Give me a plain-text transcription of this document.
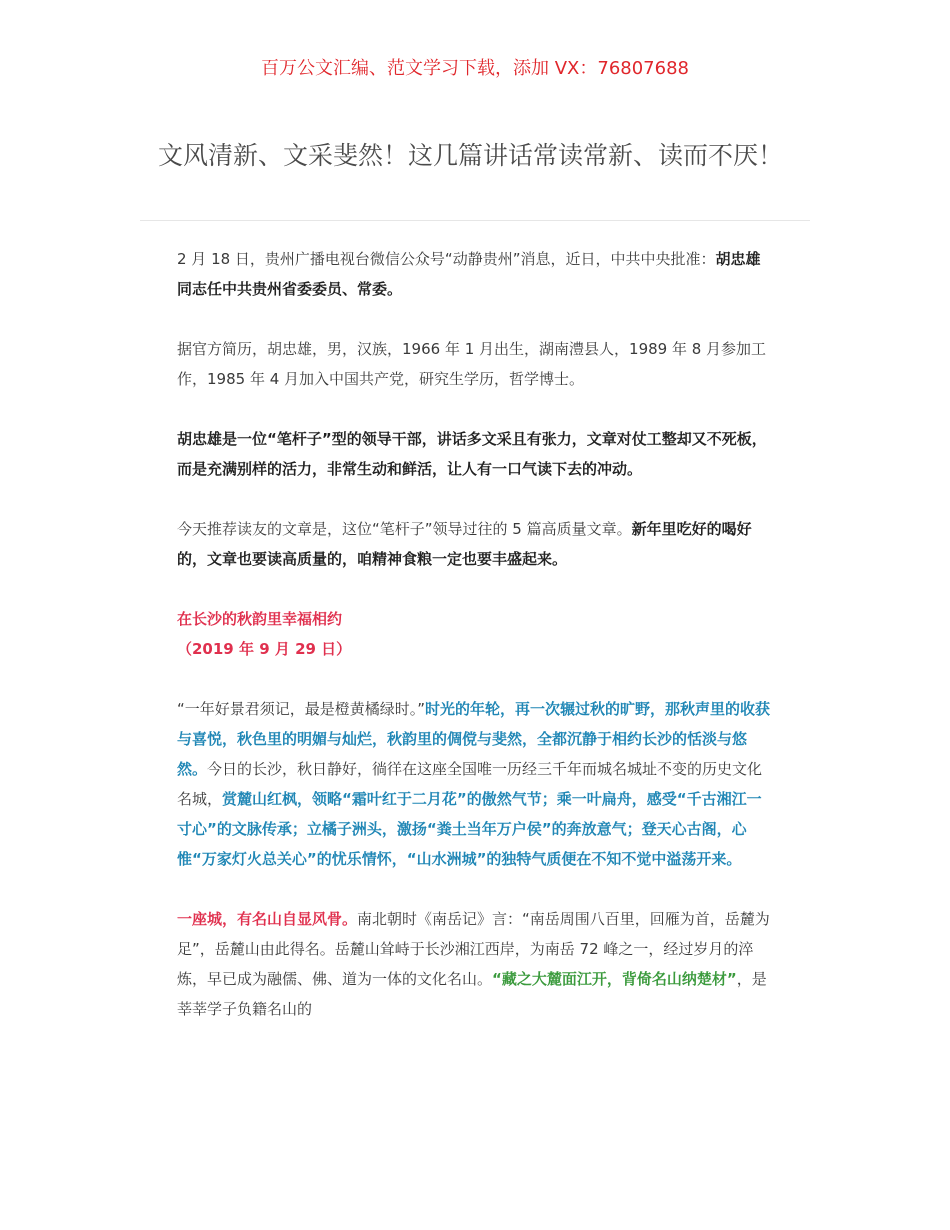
百万公文汇编、范文学习下载，添加 VX：76807688
文风清新、文采斐然！这几篇讲话常读常新、读而不厌！

2 月 18 日，贵州广播电视台微信公众号“动静贵州”消息，近日，中共中央批准：胡忠雄同志任中共贵州省委委员、常委。

据官方简历，胡忠雄，男，汉族，1966 年 1 月出生，湖南澧县人，1989 年 8 月参加工作，1985 年 4 月加入中国共产党，研究生学历，哲学博士。

胡忠雄是一位“笔杆子”型的领导干部，讲话多文采且有张力，文章对仗工整却又不死板，而是充满别样的活力，非常生动和鲜活，让人有一口气读下去的冲动。

今天推荐读友的文章是，这位“笔杆子”领导过往的 5 篇高质量文章。新年里吃好的喝好的，文章也要读高质量的，咱精神食粮一定也要丰盛起来。

在长沙的秋韵里幸福相约
（2019 年 9 月 29 日）

“一年好景君须记，最是橙黄橘绿时。”时光的年轮，再一次辗过秋的旷野，那秋声里的收获与喜悦，秋色里的明媚与灿烂，秋韵里的倜傥与斐然，全都沉静于相约长沙的恬淡与悠然。今日的长沙，秋日静好，徜徉在这座全国唯一历经三千年而城名城址不变的历史文化名城，赏麓山红枫，领略“霜叶红于二月花”的傲然气节；乘一叶扁舟，感受“千古湘江一寸心”的文脉传承；立橘子洲头，激扬“粪土当年万户侯”的奔放意气；登天心古阁，心惟“万家灯火总关心”的忧乐情怀，“山水洲城”的独特气质便在不知不觉中溢荡开来。

一座城，有名山自显风骨。南北朝时《南岳记》言：“南岳周围八百里，回雁为首，岳麓为足”，岳麓山由此得名。岳麓山耸峙于长沙湘江西岸，为南岳 72 峰之一，经过岁月的淬炼，早已成为融儒、佛、道为一体的文化名山。“藏之大麓面江开，背倚名山纳楚材”，是莘莘学子负籍名山的
